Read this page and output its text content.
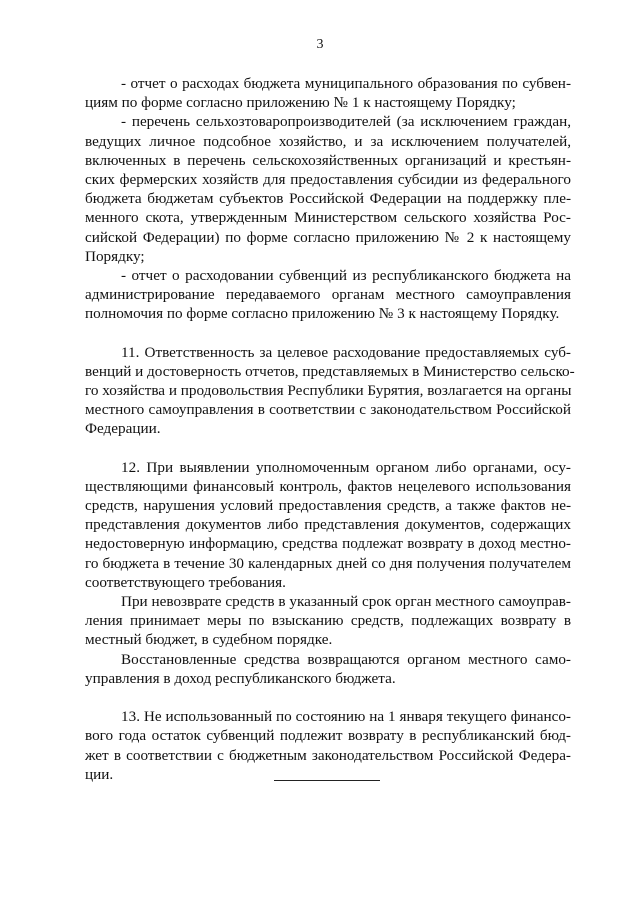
3
- отчет о расходах бюджета муниципального образования по субвен-
циям по форме согласно приложению № 1 к настоящему Порядку;
- перечень сельхозтоваропроизводителей (за исключением граждан,
ведущих личное подсобное хозяйство, и за исключением получателей,
включенных в перечень сельскохозяйственных организаций и крестьян-
ских фермерских хозяйств для предоставления субсидии из федерального
бюджета бюджетам субъектов Российской Федерации на поддержку пле-
менного скота, утвержденным Министерством сельского хозяйства Рос-
сийской Федерации) по форме согласно приложению № 2 к настоящему
Порядку;
- отчет о расходовании субвенций из республиканского бюджета на
администрирование передаваемого органам местного самоуправления
полномочия по форме согласно приложению № 3 к настоящему Порядку.
11. Ответственность за целевое расходование предоставляемых суб-
венций и достоверность отчетов, представляемых в Министерство сельско-
го хозяйства и продовольствия Республики Бурятия, возлагается на органы
местного самоуправления в соответствии с законодательством Российской
Федерации.
12. При выявлении уполномоченным органом либо органами, осу-
ществляющими финансовый контроль, фактов нецелевого использования
средств, нарушения условий предоставления средств, а также фактов не-
представления документов либо представления документов, содержащих
недостоверную информацию, средства подлежат возврату в доход местно-
го бюджета в течение 30 календарных дней со дня получения получателем
соответствующего требования.
При невозврате средств в указанный срок орган местного самоуправ-
ления принимает меры по взысканию средств, подлежащих возврату в
местный бюджет, в судебном порядке.
Восстановленные средства возвращаются органом местного само-
управления в доход республиканского бюджета.
13. Не использованный по состоянию на 1 января текущего финансо-
вого года остаток субвенций подлежит возврату в республиканский бюд-
жет в соответствии с бюджетным законодательством Российской Федера-
ции.
